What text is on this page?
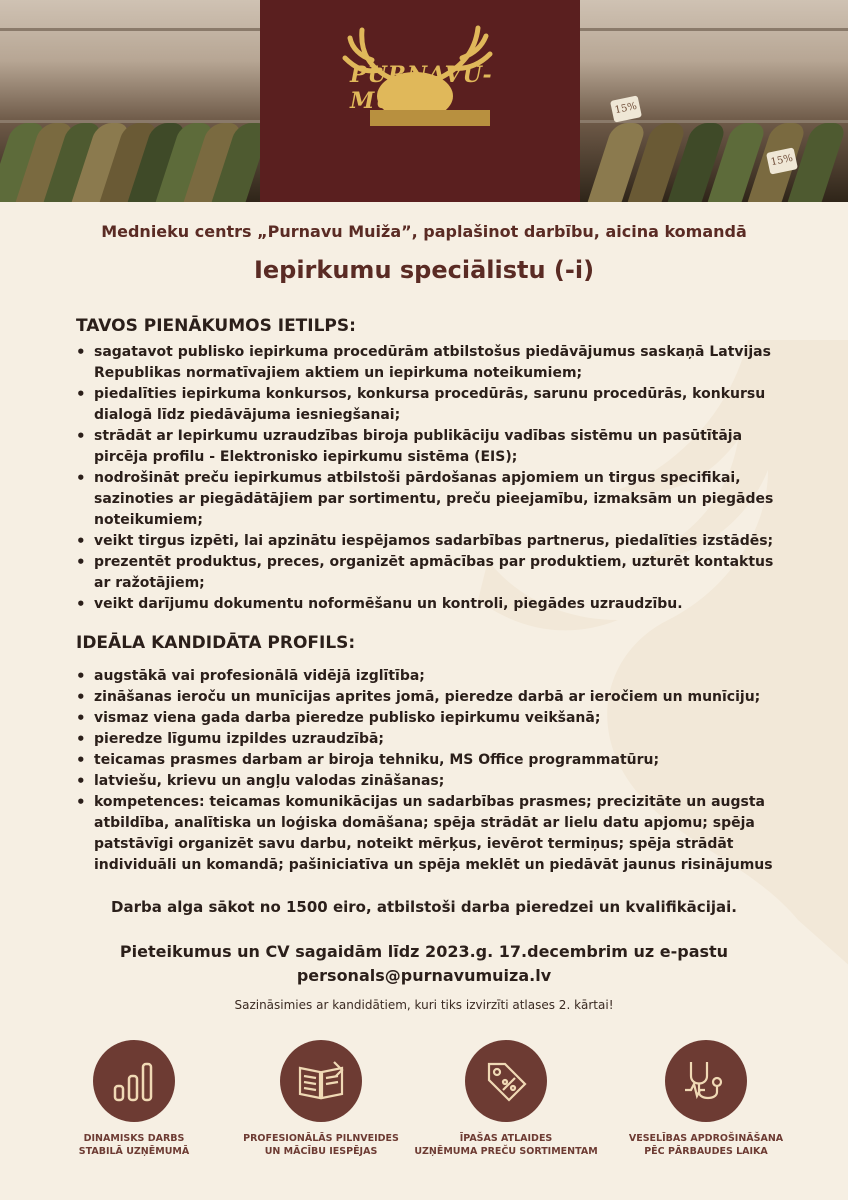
15%
15%
PURNAVU-MUIŽA
Mednieku centrs „Purnavu Muiža”, paplašinot darbību, aicina komandā
Iepirkumu speciālistu (-i)
TAVOS PIENĀKUMOS IETILPS:
• sagatavot publisko iepirkuma procedūrām atbilstošus piedāvājumus saskaņā Latvijas Republikas normatīvajiem aktiem un iepirkuma noteikumiem;
• piedalīties iepirkuma konkursos, konkursa procedūrās, sarunu procedūrās, konkursu dialogā līdz piedāvājuma iesniegšanai;
• strādāt ar Iepirkumu uzraudzības biroja publikāciju vadības sistēmu un pasūtītāja pircēja profilu - Elektronisko iepirkumu sistēma (EIS);
• nodrošināt preču iepirkumus atbilstoši pārdošanas apjomiem un tirgus specifikai, sazinoties ar piegādātājiem par sortimentu, preču pieejamību, izmaksām un piegādes noteikumiem;
• veikt tirgus izpēti, lai apzinātu iespējamos sadarbības partnerus, piedalīties izstādēs;
• prezentēt produktus, preces, organizēt apmācības par produktiem, uzturēt kontaktus ar ražotājiem;
• veikt darījumu dokumentu noformēšanu un kontroli, piegādes uzraudzību.
IDEĀLA KANDIDĀTA PROFILS:
• augstākā vai profesionālā vidējā izglītība;
• zināšanas ieroču un munīcijas aprites jomā, pieredze darbā ar ieročiem un munīciju;
• vismaz viena gada darba pieredze publisko iepirkumu veikšanā;
• pieredze līgumu izpildes uzraudzībā;
• teicamas prasmes darbam ar biroja tehniku, MS Office programmatūru;
• latviešu, krievu un angļu valodas zināšanas;
• kompetences: teicamas komunikācijas un sadarbības prasmes; precizitāte un augsta atbildība, analītiska un loģiska domāšana; spēja strādāt ar lielu datu apjomu; spēja patstāvīgi organizēt savu darbu, noteikt mērķus, ievērot termiņus; spēja strādāt individuāli un komandā; pašiniciatīva un spēja meklēt un piedāvāt jaunus risinājumus
Darba alga sākot no 1500 eiro, atbilstoši darba pieredzei un kvalifikācijai.
Pieteikumus un CV sagaidām līdz 2023.g. 17.decembrim uz e-pastu
personals@purnavumuiza.lv
Sazināsimies ar kandidātiem, kuri tiks izvirzīti atlases 2. kārtai!
DINAMISKS DARBS
STABILĀ UZŅĒMUMĀ
PROFESIONĀLĀS PILNVEIDES
UN MĀCĪBU IESPĒJAS
ĪPAŠAS ATLAIDES
UZŅĒMUMA PREČU SORTIMENTAM
VESELĪBAS APDROŠINĀŠANA
PĒC PĀRBAUDES LAIKA
